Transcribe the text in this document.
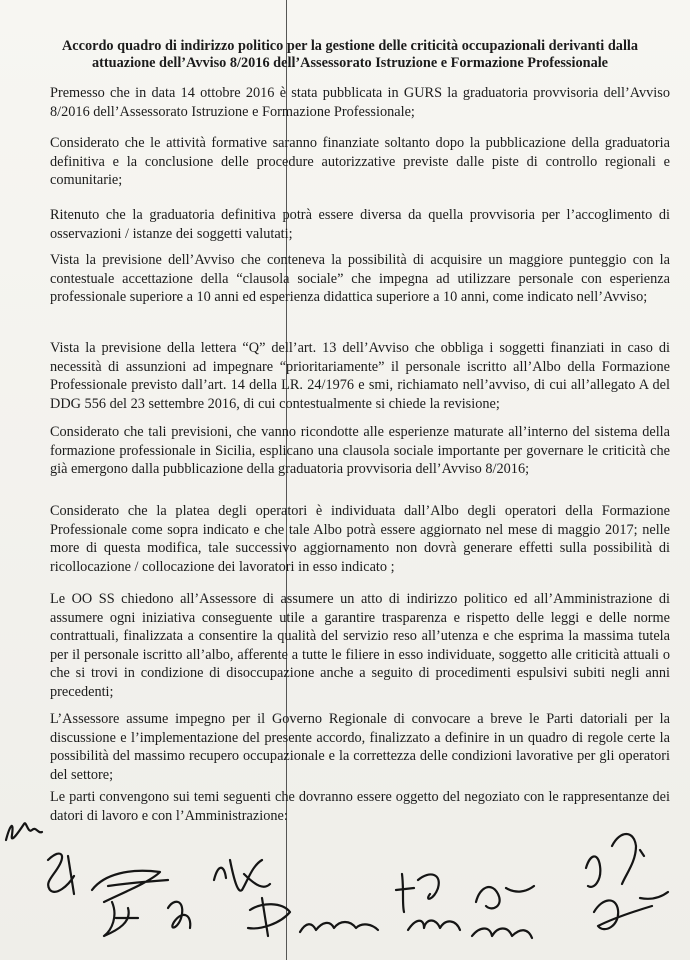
Accordo quadro di indirizzo politico per la gestione delle criticità occupazionali derivanti dalla attuazione dell’Avviso 8/2016 dell’Assessorato Istruzione e Formazione Professionale
Premesso che in data 14 ottobre 2016 è stata pubblicata in GURS la graduatoria provvisoria dell’Avviso 8/2016 dell’Assessorato Istruzione e Formazione Professionale;
Considerato che le attività formative saranno finanziate soltanto dopo la pubblicazione della graduatoria definitiva e la conclusione delle procedure autorizzative previste dalle piste di controllo regionali e comunitarie;
Ritenuto che la graduatoria definitiva potrà essere diversa da quella provvisoria per l’accoglimento di osservazioni / istanze dei soggetti valutati;
Vista la previsione dell’Avviso che conteneva la possibilità di acquisire un maggiore punteggio con la contestuale accettazione della “clausola sociale” che impegna ad utilizzare personale con esperienza professionale superiore a 10 anni ed esperienza didattica superiore a 10 anni, come indicato nell’Avviso;
Vista la previsione della lettera “Q” dell’art. 13 dell’Avviso che obbliga i soggetti finanziati in caso di necessità di assunzioni ad impegnare “prioritariamente” il personale iscritto all’Albo della Formazione Professionale previsto dall’art. 14 della LR. 24/1976 e smi, richiamato nell’avviso, di cui all’allegato A del DDG 556 del 23 settembre 2016, di cui contestualmente si chiede la revisione;
Considerato che tali previsioni, che vanno ricondotte alle esperienze maturate all’interno del sistema della formazione professionale in Sicilia, esplicano una clausola sociale importante per governare le criticità che già emergono dalla pubblicazione della graduatoria provvisoria dell’Avviso 8/2016;
Considerato che la platea degli operatori è individuata dall’Albo degli operatori della Formazione Professionale come sopra indicato e che tale Albo potrà essere aggiornato nel mese di maggio 2017; nelle more di questa modifica, tale successivo aggiornamento non dovrà generare effetti sulla possibilità di ricollocazione / collocazione dei lavoratori in esso indicato ;
Le OO SS chiedono all’Assessore di assumere un atto di indirizzo politico ed all’Amministrazione di assumere ogni iniziativa conseguente utile a garantire trasparenza e rispetto delle leggi e delle norme contrattuali, finalizzata a consentire la qualità del servizio reso all’utenza e che esprima la massima tutela per il personale iscritto all’albo, afferente a tutte le filiere in esso individuate, soggetto alle criticità attuali o che si trovi in condizione di disoccupazione anche a seguito di procedimenti espulsivi subiti negli anni precedenti;
L’Assessore assume impegno per il Governo Regionale di convocare a breve le Parti datoriali per la discussione e l’implementazione del presente accordo, finalizzato a definire in un quadro di regole certe la possibilità del massimo recupero occupazionale e la correttezza delle condizioni lavorative per gli operatori del settore;
Le parti convengono sui temi seguenti che dovranno essere oggetto del negoziato con le rappresentanze dei datori di lavoro e con l’Amministrazione:
